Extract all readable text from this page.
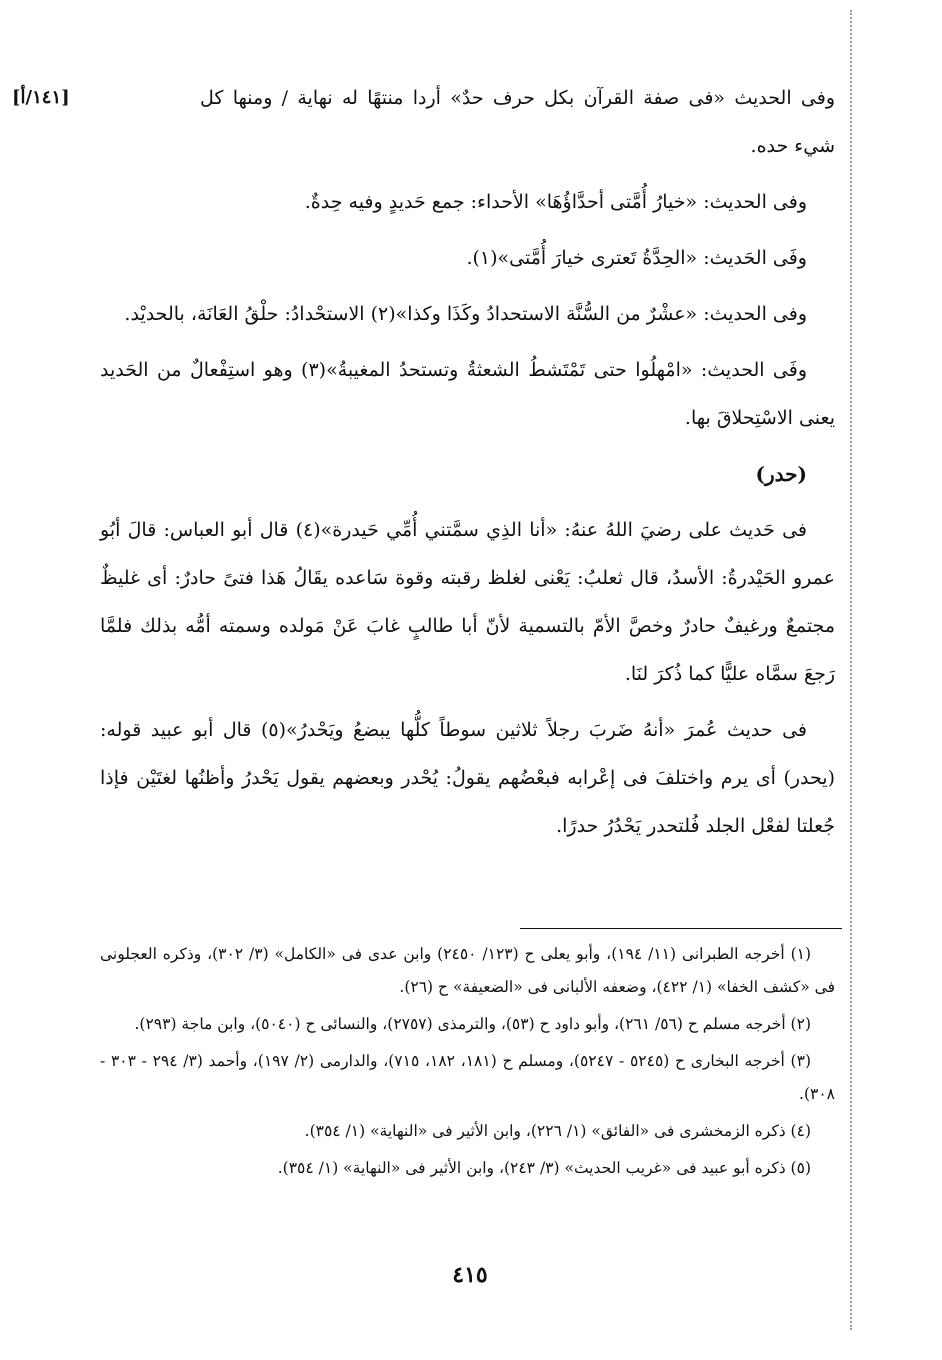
[١٤١/أ]	وفى الحديث «فى صفة القرآن بكل حرف حدٌ» أردا منتهًا له نهاية / ومنها كل شيء حده.

وفى الحديث: «خيارُ أُمَّتى أحدَّاؤُهَا» الأحداء: جمع حَديدٍ وفيه حِدةٌ.

وفَى الحَديث: «الحِدَّةُ تَعترى خيارَ أُمَّتى»(١).

وفى الحديث: «عشْرٌ من السُّنَّة الاستحدادُ وكَذَا وكذا»(٢) الاستحْدادُ: حلْقُ العَانَة، بالحديْد.

وفَى الحديث: «امْهلُوا حتى تَمْتَشطُ الشعثةُ وتستحدُ المغيبةُ»(٣) وهو استِفْعالٌ من الحَديد يعنى الاسْتِحلاقَ بها.

(حدر)

فى حَديث على رضيَ اللهُ عنهُ: «أنا الذِي سمَّتني أُمِّي حَيدرة»(٤) قال أبو العباس: قالَ أبُو عمرو الحَيْدرةُ: الأسدُ، قال ثعلبُ: يَعْنى لغلظ رقبته وقوة سَاعده يقَالُ هَذا فتىً حادرٌ: أى غليظٌ مجتمعٌ ورغيفٌ حادرٌ وخصَّ الأمّ بالتسمية لأنّ أبا طالبٍ غابَ عَنْ مَولده وسمته أمُّه بذلك فلمَّا رَجعَ سمَّاه عليًّا كما ذُكرَ لنَا.

فى حديث عُمرَ «أنهُ ضَربَ رجلاً ثلاثين سوطاً كلُّها يبضعُ ويَحْدرُ»(٥) قال أبو عبيد قوله: (يحدر) أى يرم واختلفَ فى إعْرابه فبعْضُهم يقولُ: يُحْدر وبعضهم يقول يَحْدرُ وأظنُها لغتَيْن فإذا جُعلتا لفعْل الجلد فُلتحدر يَحْدُرُ حدرًا.

(١) أخرجه الطبرانى (١١/ ١٩٤)، وأبو يعلى ح (١٢٣/ ٢٤٥٠) وابن عدى فى «الكامل» (٣/ ٣٠٢)، وذكره العجلونى فى «كشف الخفا» (١/ ٤٢٢)، وضعفه الألبانى فى «الضعيفة» ح (٢٦).

(٢) أخرجه مسلم ح (٥٦/ ٢٦١)، وأبو داود ح (٥٣)، والترمذى (٢٧٥٧)، والنسائى ح (٥٠٤٠)، وابن ماجة (٢٩٣).

(٣) أخرجه البخارى ح (٥٢٤٥ - ٥٢٤٧)، ومسلم ح (١٨١، ١٨٢، ٧١٥)، والدارمى (٢/ ١٩٧)، وأحمد (٣/ ٢٩٤ - ٣٠٣ - ٣٠٨).

(٤) ذكره الزمخشرى فى «الفائق» (١/ ٢٢٦)، وابن الأثير فى «النهاية» (١/ ٣٥٤).

(٥) ذكره أبو عبيد فى «غريب الحديث» (٣/ ٢٤٣)، وابن الأثير فى «النهاية» (١/ ٣٥٤).

٤١٥
